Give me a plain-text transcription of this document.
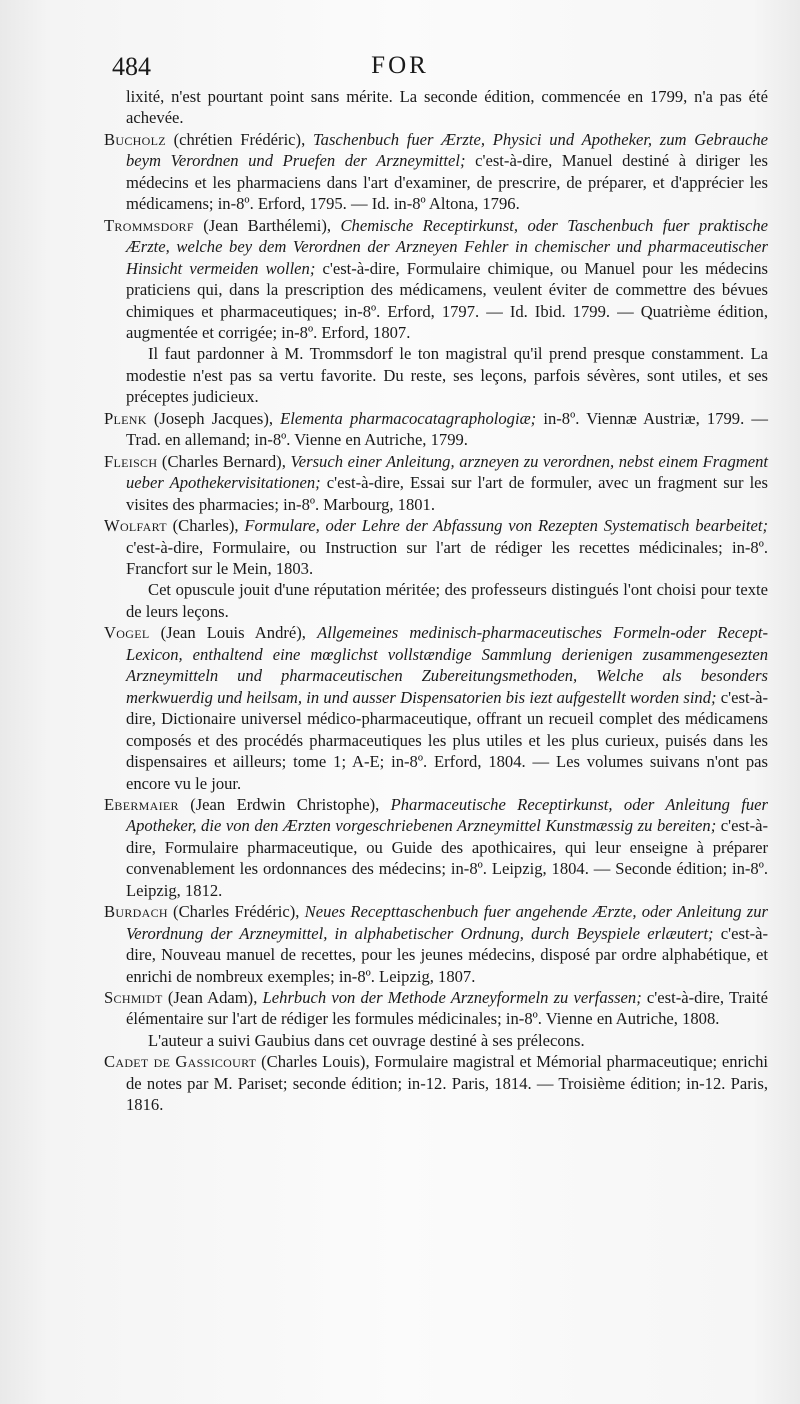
484	FOR

lixité, n'est pourtant point sans mérite. La seconde édition, commencée en 1799, n'a pas été achevée.

Bucholz (chrétien Frédéric), Taschenbuch fuer Ærzte, Physici und Apotheker, zum Gebrauche beym Verordnen und Pruefen der Arzneymittel; c'est-à-dire, Manuel destiné à diriger les médecins et les pharmaciens dans l'art d'examiner, de prescrire, de préparer, et d'apprécier les médicamens; in-8º. Erford, 1795. — Id. in-8º Altona, 1796.

Trommsdorf (Jean Barthélemi), Chemische Receptirkunst, oder Taschenbuch fuer praktische Ærzte, welche bey dem Verordnen der Arzneyen Fehler in chemischer und pharmaceutischer Hinsicht vermeiden wollen; c'est-à-dire, Formulaire chimique, ou Manuel pour les médecins praticiens qui, dans la prescription des médicamens, veulent éviter de commettre des bévues chimiques et pharmaceutiques; in-8º. Erford, 1797. — Id. Ibid. 1799. — Quatrième édition, augmentée et corrigée; in-8º. Erford, 1807.

Il faut pardonner à M. Trommsdorf le ton magistral qu'il prend presque constamment. La modestie n'est pas sa vertu favorite. Du reste, ses leçons, parfois sévères, sont utiles, et ses préceptes judicieux.

Plenk (Joseph Jacques), Elementa pharmacocatagraphologiæ; in-8º. Viennæ Austriæ, 1799. — Trad. en allemand; in-8º. Vienne en Autriche, 1799.

Fleisch (Charles Bernard), Versuch einer Anleitung, arzneyen zu verordnen, nebst einem Fragment ueber Apothekervisitationen; c'est-à-dire, Essai sur l'art de formuler, avec un fragment sur les visites des pharmacies; in-8º. Marbourg, 1801.

Wolfart (Charles), Formulare, oder Lehre der Abfassung von Rezepten Systematisch bearbeitet; c'est-à-dire, Formulaire, ou Instruction sur l'art de rédiger les recettes médicinales; in-8º. Francfort sur le Mein, 1803.

Cet opuscule jouit d'une réputation méritée; des professeurs distingués l'ont choisi pour texte de leurs leçons.

Vogel (Jean Louis André), Allgemeines medinisch-pharmaceutisches Formeln-oder Recept-Lexicon, enthaltend eine mœglichst vollstændige Sammlung derienigen zusammengesezten Arzneymitteln und pharmaceutischen Zubereitungsmethoden, Welche als besonders merkwuerdig und heilsam, in und ausser Dispensatorien bis iezt aufgestellt worden sind; c'est-à-dire, Dictionaire universel médico-pharmaceutique, offrant un recueil complet des médicamens composés et des procédés pharmaceutiques les plus utiles et les plus curieux, puisés dans les dispensaires et ailleurs; tome 1; A-E; in-8º. Erford, 1804. — Les volumes suivans n'ont pas encore vu le jour.

Ebermaier (Jean Erdwin Christophe), Pharmaceutische Receptirkunst, oder Anleitung fuer Apotheker, die von den Ærzten vorgeschriebenen Arzneymittel Kunstmæssig zu bereiten; c'est-à-dire, Formulaire pharmaceutique, ou Guide des apothicaires, qui leur enseigne à préparer convenablement les ordonnances des médecins; in-8º. Leipzig, 1804. — Seconde édition; in-8º. Leipzig, 1812.

Burdach (Charles Frédéric), Neues Recepttaschenbuch fuer angehende Ærzte, oder Anleitung zur Verordnung der Arzneymittel, in alphabetischer Ordnung, durch Beyspiele erlæutert; c'est-à-dire, Nouveau manuel de recettes, pour les jeunes médecins, disposé par ordre alphabétique, et enrichi de nombreux exemples; in-8º. Leipzig, 1807.

Schmidt (Jean Adam), Lehrbuch von der Methode Arzneyformeln zu verfassen; c'est-à-dire, Traité élémentaire sur l'art de rédiger les formules médicinales; in-8º. Vienne en Autriche, 1808.

L'auteur a suivi Gaubius dans cet ouvrage destiné à ses prélecons.

Cadet de Gassicourt (Charles Louis), Formulaire magistral et Mémorial pharmaceutique; enrichi de notes par M. Pariset; seconde édition; in-12. Paris, 1814. — Troisième édition; in-12. Paris, 1816.
